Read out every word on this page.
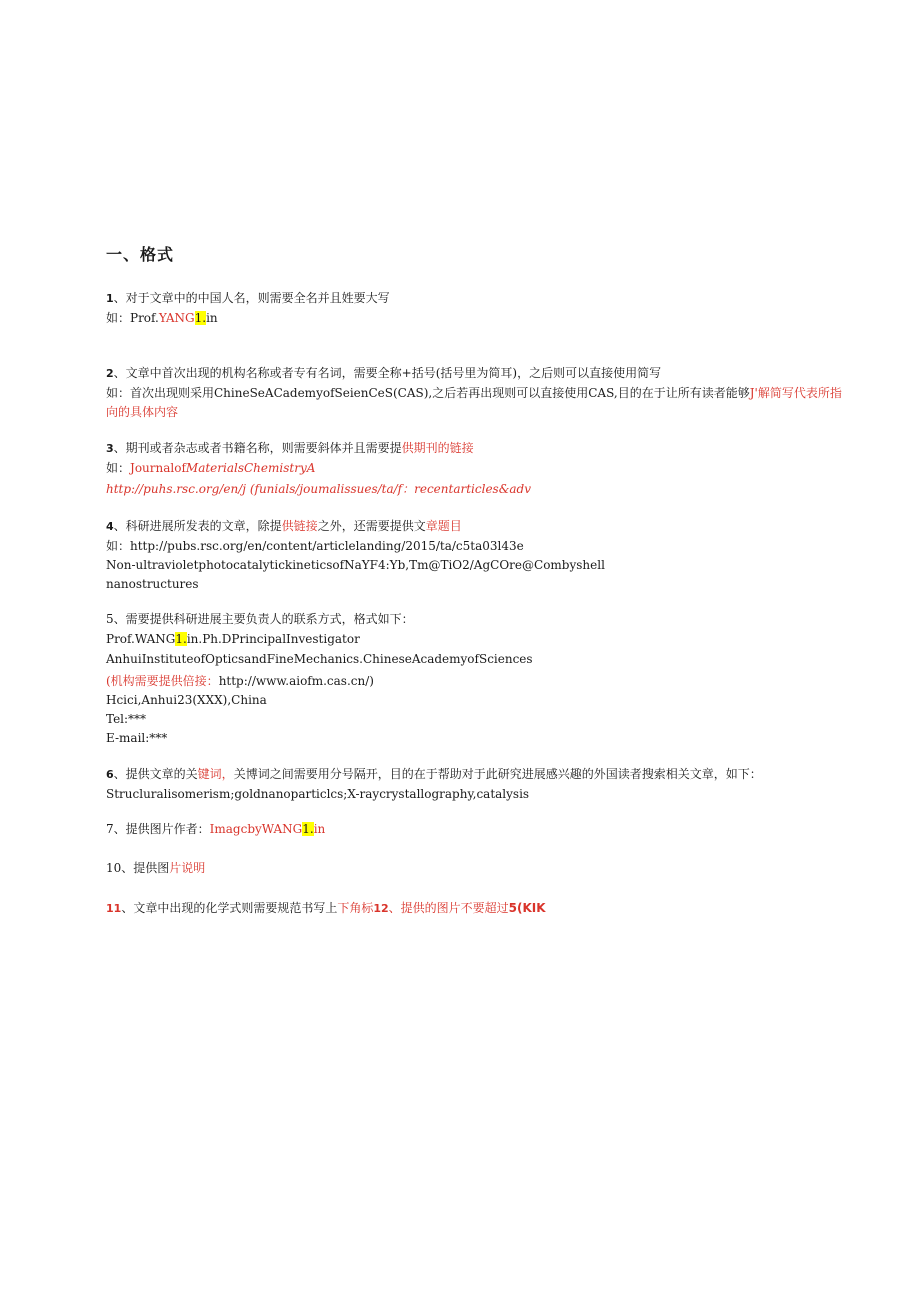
一、格式
1、对于文章中的中国人名，则需要全名并且姓要大写
如：Prof.YANG1.in
2、文章中首次出现的机构名称或者专有名词，需要全称+括号(括号里为简耳)，之后则可以直接使用简写
如：首次出现则采用ChineSeACademyofSeienCeS(CAS),之后若再出现则可以直接使用CAS,目的在于让所有读者能够J'解简写代表所指
向的具体内容
3、期刊或者杂志或者书籍名称，则需要斜体并且需要提供期刊的链接
如：JournalofMaterialsChemistryA
http://puhs.rsc.org/en/j (funials/joumalissues/ta/f：recentarticles&adv
4、科研进展所发表的文章，除提供链接之外，还需要提供文章题目
如：http://pubs.rsc.org/en/content/articlelanding/2015/ta/c5ta03l43e
Non-ultravioletphotocatalytickineticsofNaYF4:Yb,Tm@TiO2/AgCOre@Combyshell
nanostructures
5、需要提供科研进展主要负责人的联系方式，格式如下：
Prof.WANG1.in.Ph.DPrincipalInvestigator
AnhuiInstituteofOpticsandFineMechanics.ChineseAcademyofSciences
(机构需要提供倍接：http://www.aiofm.cas.cn/)
Hcici,Anhui23(XXX),China
Tel:***
E-mail:***
6、提供文章的关键词，关博词之间需要用分号隔开，目的在于帮助对于此研究进展感兴趣的外国读者搜索相关文章，如下：
Strucluralisomerism;goldnanoparticlcs;X-raycrystallography,catalysis
7、提供图片作者：ImagcbyWANG1.in
10、提供图片说明
11、文章中出现的化学式则需要规范书写上下角标12、提供的图片不要超过5(KIK
